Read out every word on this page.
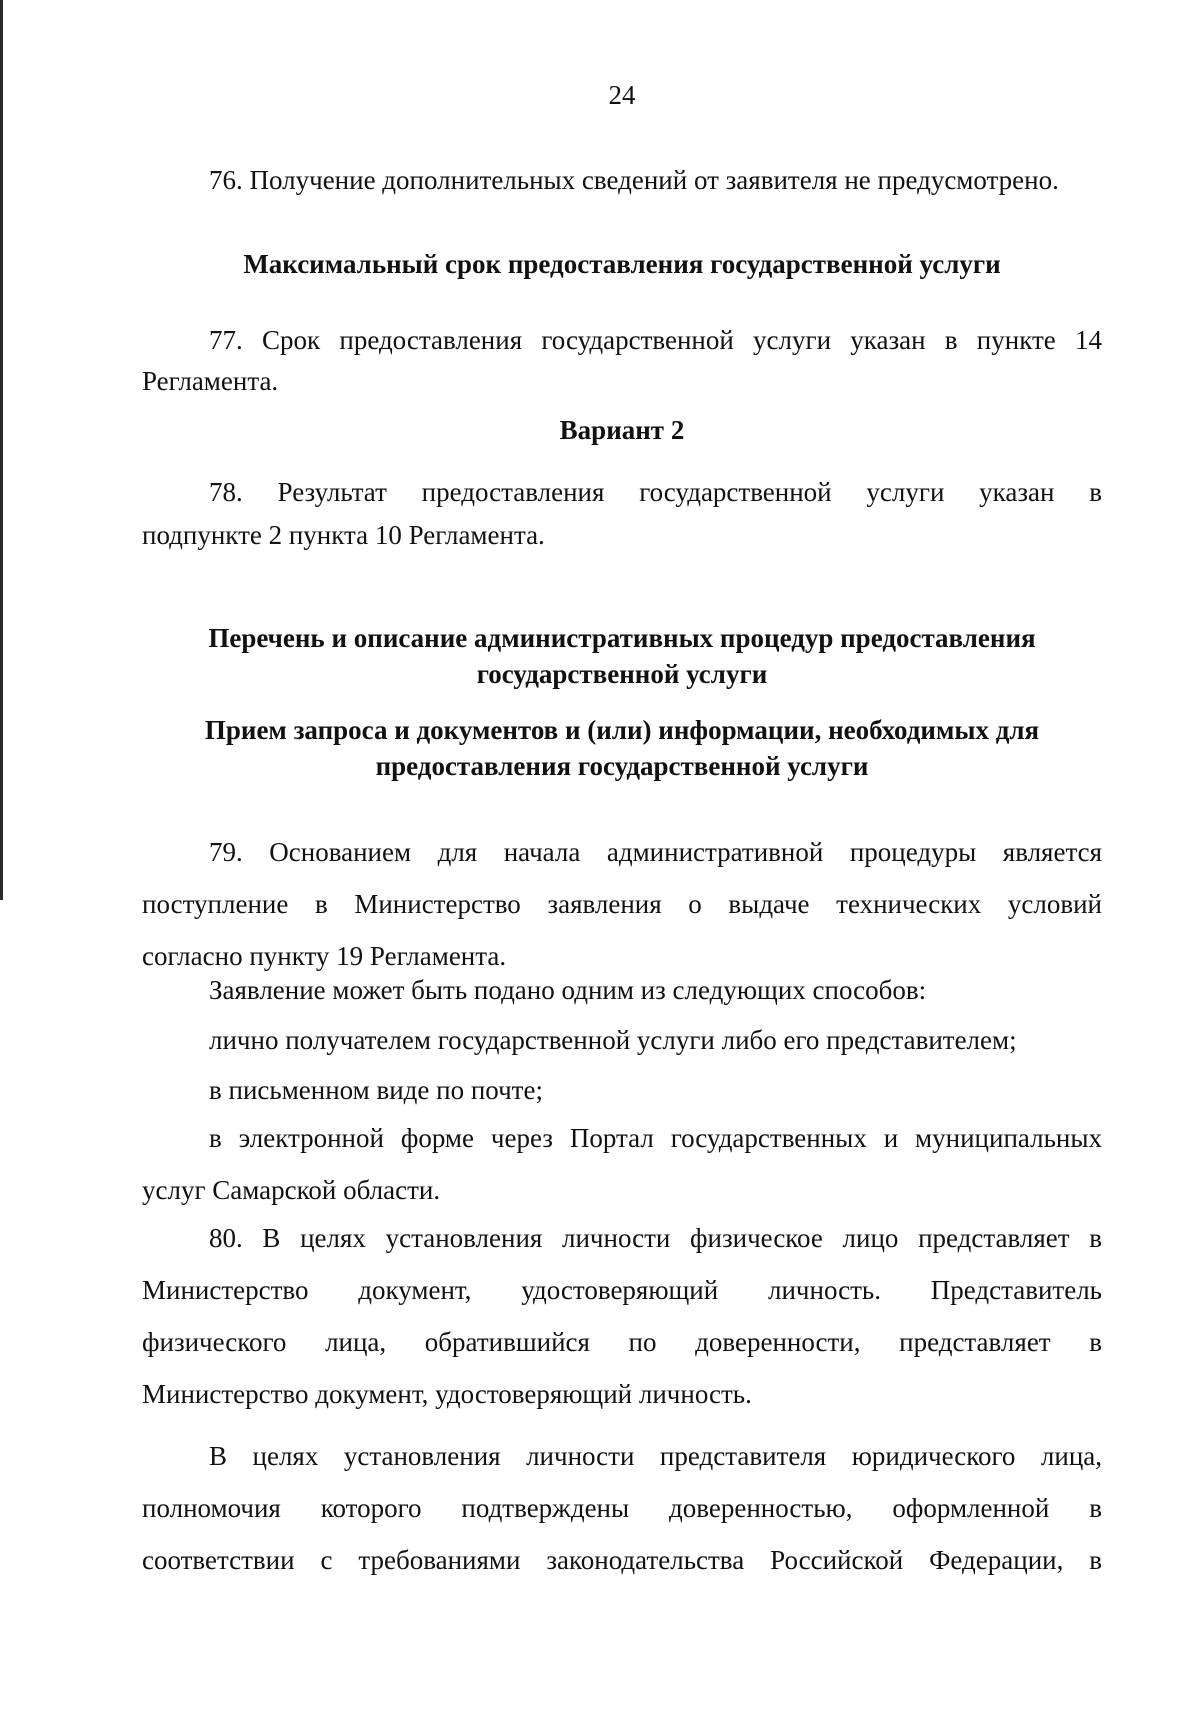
24
76. Получение дополнительных сведений от заявителя не предусмотрено.
Максимальный срок предоставления государственной услуги
77. Срок предоставления государственной услуги указан в пункте 14
Регламента.
Вариант 2
78. Результат предоставления государственной услуги указан в
подпункте 2 пункта 10 Регламента.
Перечень и описание административных процедур предоставления
государственной услуги
Прием запроса и документов и (или) информации, необходимых для
предоставления государственной услуги
79. Основанием для начала административной процедуры является
поступление в Министерство заявления о выдаче технических условий
согласно пункту 19 Регламента.
Заявление может быть подано одним из следующих способов:
лично получателем государственной услуги либо его представителем;
в письменном виде по почте;
в электронной форме через Портал государственных и муниципальных
услуг Самарской области.
80. В целях установления личности физическое лицо представляет в
Министерство документ, удостоверяющий личность. Представитель
физического лица, обратившийся по доверенности, представляет в
Министерство документ, удостоверяющий личность.
В целях установления личности представителя юридического лица,
полномочия которого подтверждены доверенностью, оформленной в
соответствии с требованиями законодательства Российской Федерации, в
